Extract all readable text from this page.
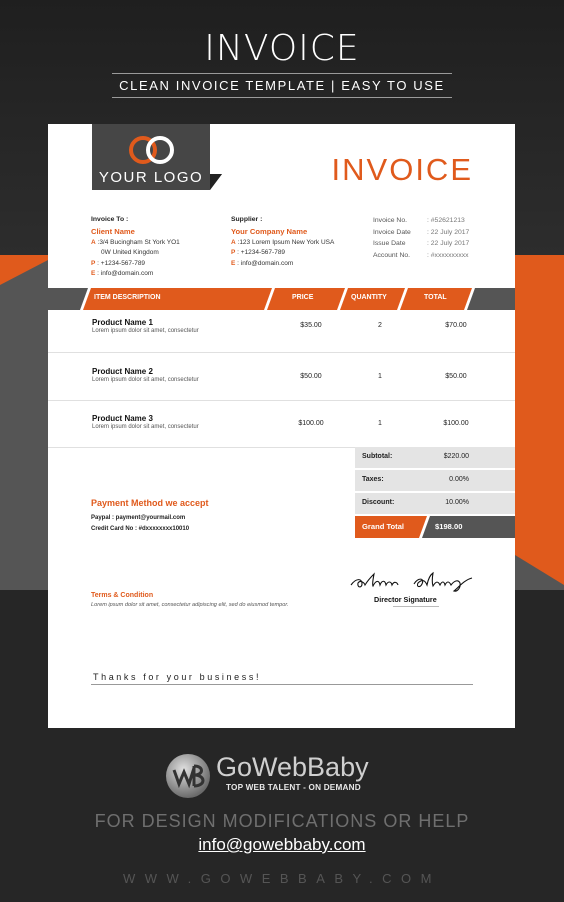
INVOICE
CLEAN INVOICE TEMPLATE | EASY TO USE
YOUR LOGO	INVOICE
Invoice To :
Client Name
A :3/4 Bucingham St York YO1
0W United Kingdom
P : +1234-567-789
E : info@domain.com
Supplier :
Your Company Name
A :123 Lorem Ipsum New York USA
P : +1234-567-789
E : info@domain.com
Invoice No.	: #52621213
Invoice Date	: 22 July 2017
Issue Date	: 22 July 2017
Account No.	: #xxxxxxxxxx
ITEM DESCRIPTION	PRICE	QUANTITY	TOTAL
Product Name 1
Lorem ipsum dolor sit amet, consectetur
$35.00	2	$70.00
Product Name 2
Lorem ipsum dolor sit amet, consectetur	$50.00	1	$50.00
Product Name 3
Lorem ipsum dolor sit amet, consectetur	$100.00	1	$100.00
Subtotal:	$220.00
Taxes:	0.00%
Discount:	10.00%
Grand Total	$198.00
Payment Method we accept
Paypal : payment@yourmail.com
Credit Card No : #dxxxxxxxx10010
Terms & Condition
Lorem ipsum dolor sit amet, consectetur adipiscing elit, sed do eiusmod tempor.
Director Signature
Thanks for your business!
GoWebBaby
TOP WEB TALENT - ON DEMAND
FOR DESIGN MODIFICATIONS OR HELP
info@gowebbaby.com
WWW.GOWEBBABY.COM
